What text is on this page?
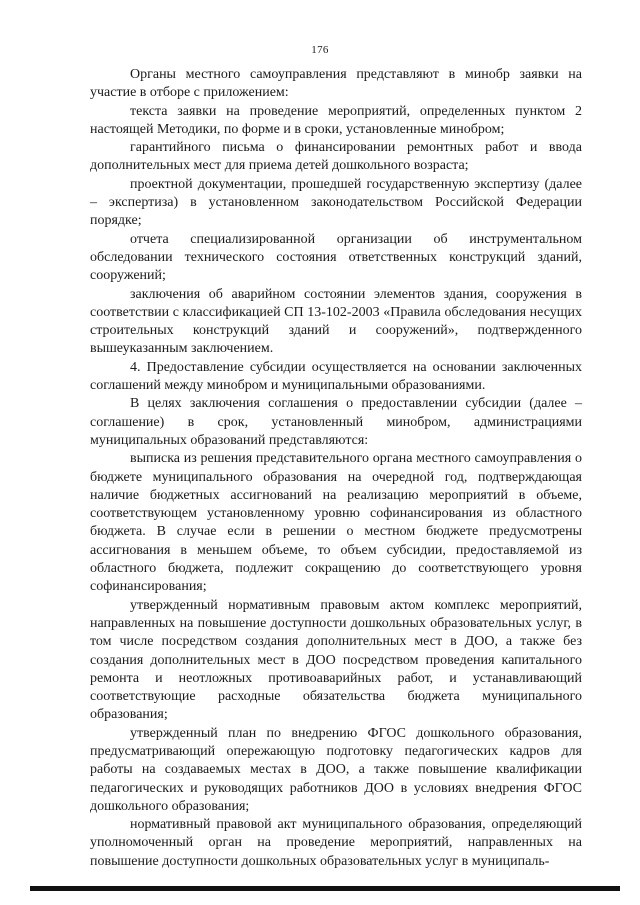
176

Органы местного самоуправления представляют в минобр заявки на участие в отборе с приложением:

текста заявки на проведение мероприятий, определенных пунктом 2 настоящей Методики, по форме и в сроки, установленные минобром;

гарантийного письма о финансировании ремонтных работ и ввода дополнительных мест для приема детей дошкольного возраста;

проектной документации, прошедшей государственную экспертизу (далее – экспертиза) в установленном законодательством Российской Федерации порядке;

отчета специализированной организации об инструментальном обследовании технического состояния ответственных конструкций зданий, сооружений;

заключения об аварийном состоянии элементов здания, сооружения в соответствии с классификацией СП 13-102-2003 «Правила обследования несущих строительных конструкций зданий и сооружений», подтвержденного вышеуказанным заключением.

4. Предоставление субсидии осуществляется на основании заключенных соглашений между минобром и муниципальными образованиями.

В целях заключения соглашения о предоставлении субсидии (далее – соглашение) в срок, установленный минобром, администрациями муниципальных образований представляются:

выписка из решения представительного органа местного самоуправления о бюджете муниципального образования на очередной год, подтверждающая наличие бюджетных ассигнований на реализацию мероприятий в объеме, соответствующем установленному уровню софинансирования из областного бюджета. В случае если в решении о местном бюджете предусмотрены ассигнования в меньшем объеме, то объем субсидии, предоставляемой из областного бюджета, подлежит сокращению до соответствующего уровня софинансирования;

утвержденный нормативным правовым актом комплекс мероприятий, направленных на повышение доступности дошкольных образовательных услуг, в том числе посредством создания дополнительных мест в ДОО, а также без создания дополнительных мест в ДОО посредством проведения капитального ремонта и неотложных противоаварийных работ, и устанавливающий соответствующие расходные обязательства бюджета муниципального образования;

утвержденный план по внедрению ФГОС дошкольного образования, предусматривающий опережающую подготовку педагогических кадров для работы на создаваемых местах в ДОО, а также повышение квалификации педагогических и руководящих работников ДОО в условиях внедрения ФГОС дошкольного образования;

нормативный правовой акт муниципального образования, определяющий уполномоченный орган на проведение мероприятий, направленных на повышение доступности дошкольных образовательных услуг в муниципаль-
